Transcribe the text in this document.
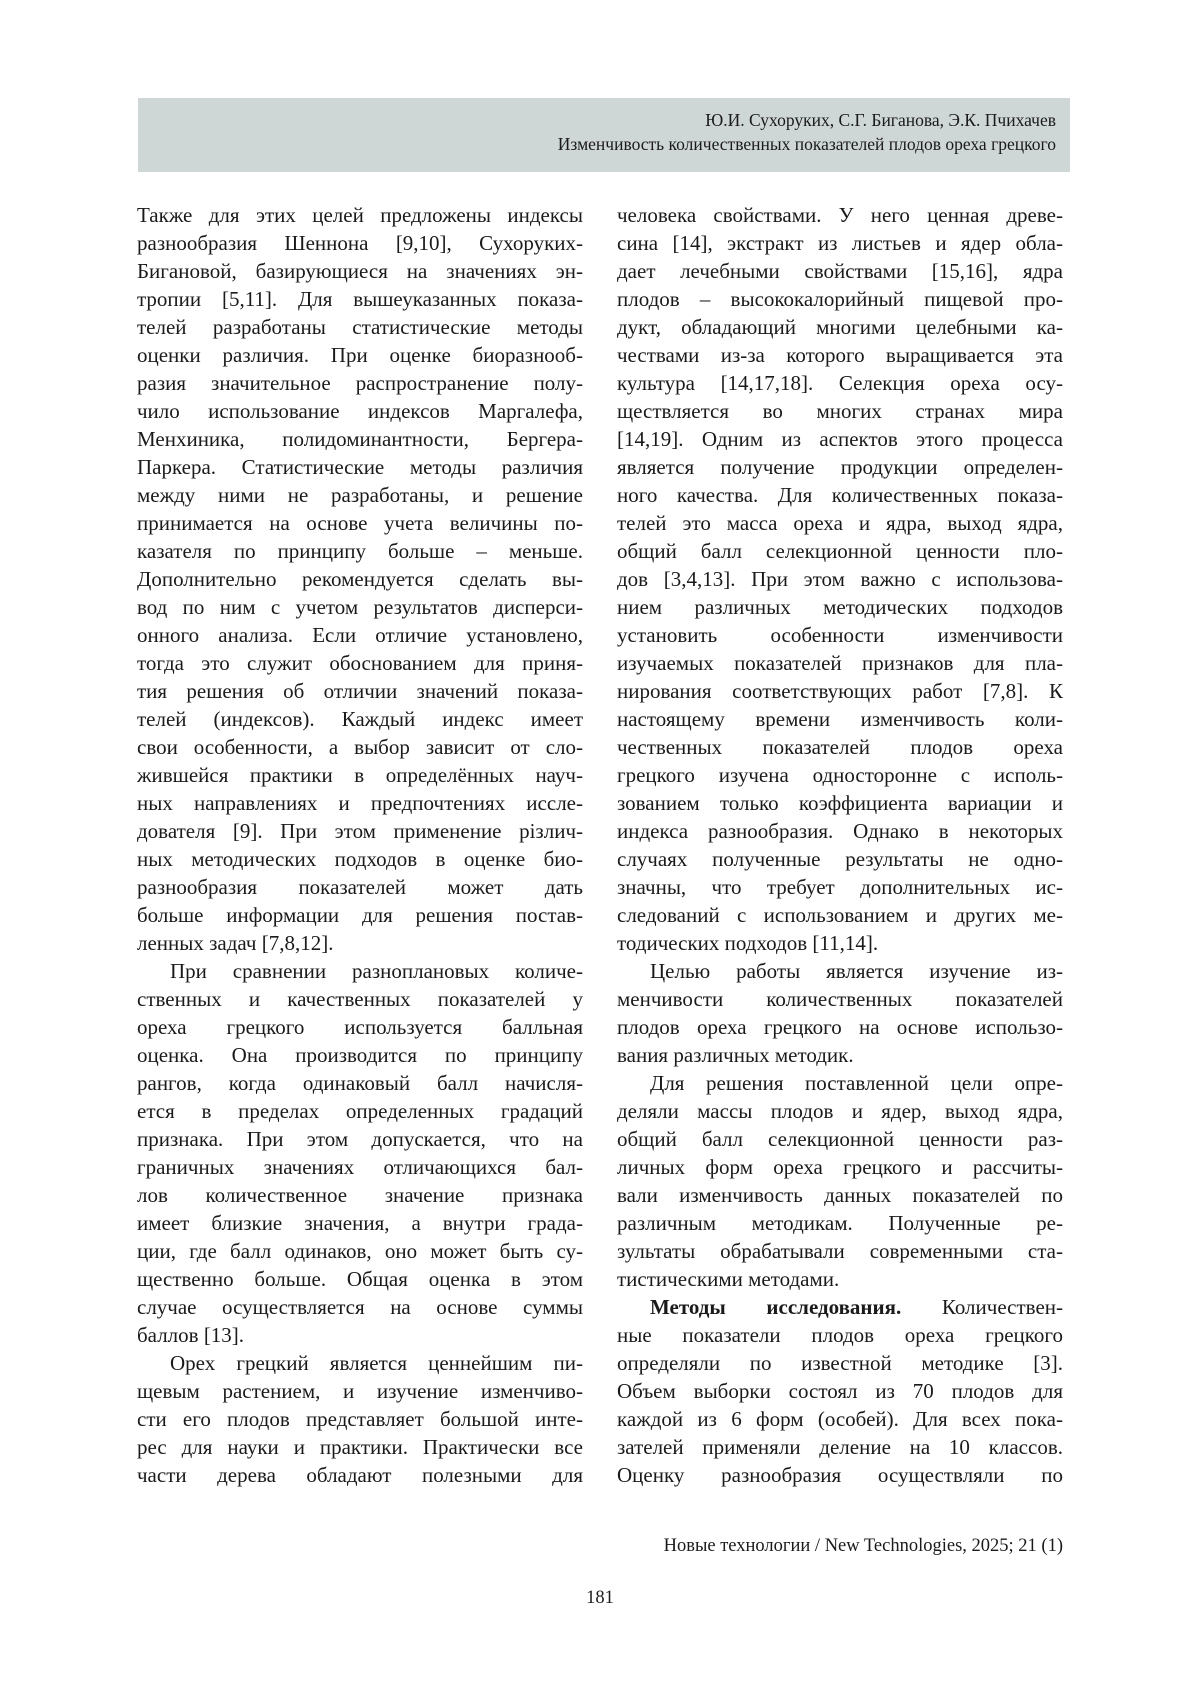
Ю.И. Сухоруких, С.Г. Биганова, Э.К. Пчихачев
Изменчивость количественных показателей плодов ореха грецкого
Также для этих целей предложены индексы
разнообразия Шеннона [9,10], Сухоруких-
Бигановой, базирующиеся на значениях эн-
тропии [5,11]. Для вышеуказанных показа-
телей разработаны статистические методы
оценки различия. При оценке биоразнооб-
разия значительное распространение полу-
чило использование индексов Маргалефа,
Менхиника, полидоминантности, Бергера-
Паркера. Статистические методы различия
между ними не разработаны, и решение
принимается на основе учета величины по-
казателя по принципу больше – меньше.
Дополнительно рекомендуется сделать вы-
вод по ним с учетом результатов дисперси-
онного анализа. Если отличие установлено,
тогда это служит обоснованием для приня-
тия решения об отличии значений показа-
телей (индексов). Каждый индекс имеет
свои особенности, а выбор зависит от сло-
жившейся практики в определённых науч-
ных направлениях и предпочтениях иссле-
дователя [9]. При этом применение різлич-
ных методических подходов в оценке био-
разнообразия показателей может дать
больше информации для решения постав-
ленных задач [7,8,12].
При сравнении разноплановых количе-
ственных и качественных показателей у
ореха грецкого используется балльная
оценка. Она производится по принципу
рангов, когда одинаковый балл начисля-
ется в пределах определенных градаций
признака. При этом допускается, что на
граничных значениях отличающихся бал-
лов количественное значение признака
имеет близкие значения, а внутри града-
ции, где балл одинаков, оно может быть су-
щественно больше. Общая оценка в этом
случае осуществляется на основе суммы
баллов [13].
Орех грецкий является ценнейшим пи-
щевым растением, и изучение изменчиво-
сти его плодов представляет большой инте-
рес для науки и практики. Практически все
части дерева обладают полезными для
человека свойствами. У него ценная древе-
сина [14], экстракт из листьев и ядер обла-
дает лечебными свойствами [15,16], ядра
плодов – высококалорийный пищевой про-
дукт, обладающий многими целебными ка-
чествами из-за которого выращивается эта
культура [14,17,18]. Селекция ореха осу-
ществляется во многих странах мира
[14,19]. Одним из аспектов этого процесса
является получение продукции определен-
ного качества. Для количественных показа-
телей это масса ореха и ядра, выход ядра,
общий балл селекционной ценности пло-
дов [3,4,13]. При этом важно с использова-
нием различных методических подходов
установить особенности изменчивости
изучаемых показателей признаков для пла-
нирования соответствующих работ [7,8]. К
настоящему времени изменчивость коли-
чественных показателей плодов ореха
грецкого изучена односторонне с исполь-
зованием только коэффициента вариации и
индекса разнообразия. Однако в некоторых
случаях полученные результаты не одно-
значны, что требует дополнительных ис-
следований с использованием и других ме-
тодических подходов [11,14].
Целью работы является изучение из-
менчивости количественных показателей
плодов ореха грецкого на основе использо-
вания различных методик.
Для решения поставленной цели опре-
деляли массы плодов и ядер, выход ядра,
общий балл селекционной ценности раз-
личных форм ореха грецкого и рассчиты-
вали изменчивость данных показателей по
различным методикам. Полученные ре-
зультаты обрабатывали современными ста-
тистическими методами.
Методы исследования. Количествен-
ные показатели плодов ореха грецкого
определяли по известной методике [3].
Объем выборки состоял из 70 плодов для
каждой из 6 форм (особей). Для всех пока-
зателей применяли деление на 10 классов.
Оценку разнообразия осуществляли по
Новые технологии / New Technologies, 2025; 21 (1)
181
